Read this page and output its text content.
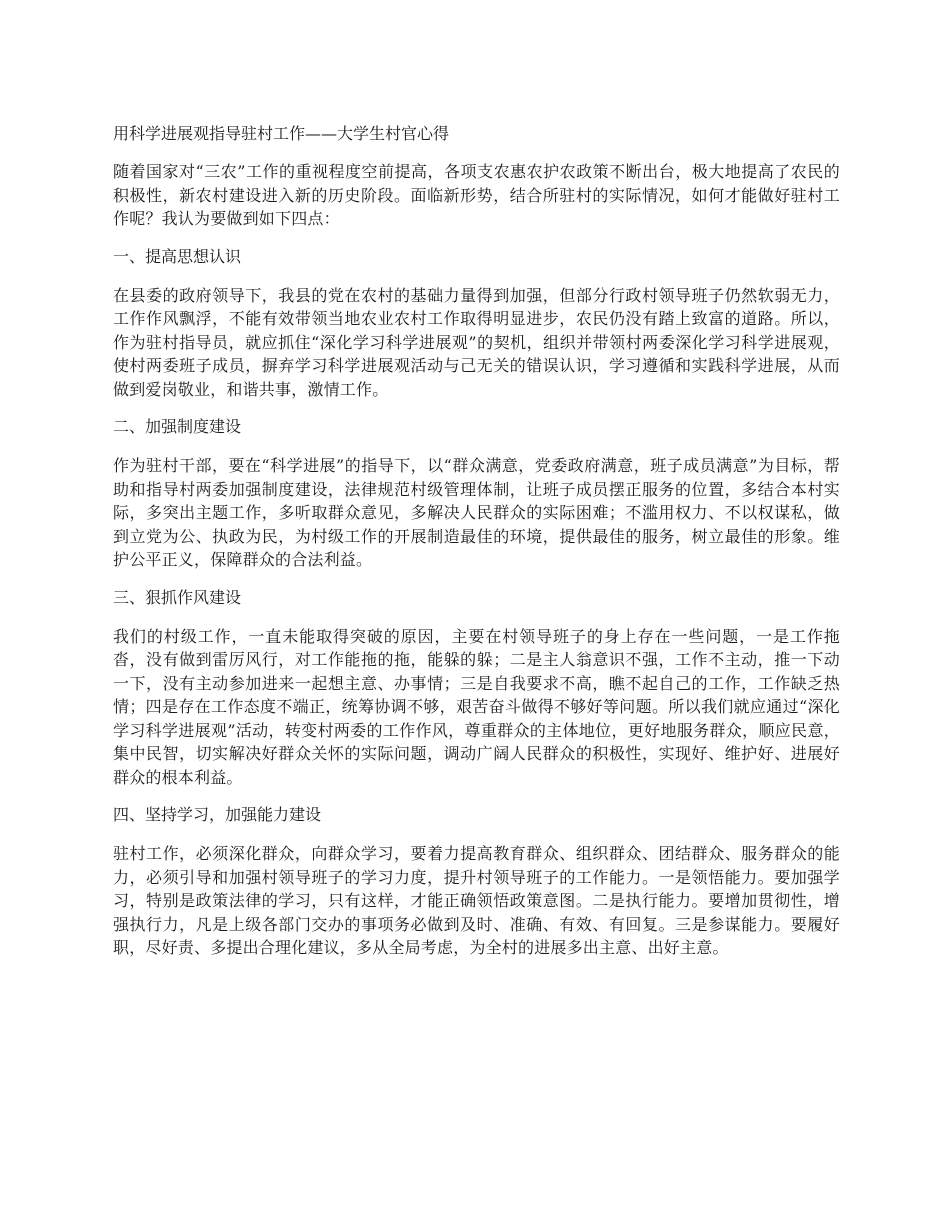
用科学进展观指导驻村工作——大学生村官心得
随着国家对“三农”工作的重视程度空前提高，各项支农惠农护农政策不断出台，极大地提高了农民的积极性，新农村建设进入新的历史阶段。面临新形势，结合所驻村的实际情况，如何才能做好驻村工作呢？我认为要做到如下四点：
一、提高思想认识
在县委的政府领导下，我县的党在农村的基础力量得到加强，但部分行政村领导班子仍然软弱无力，工作作风飘浮，不能有效带领当地农业农村工作取得明显进步，农民仍没有踏上致富的道路。所以，作为驻村指导员，就应抓住“深化学习科学进展观”的契机，组织并带领村两委深化学习科学进展观，使村两委班子成员，摒弃学习科学进展观活动与己无关的错误认识，学习遵循和实践科学进展，从而做到爱岗敬业，和谐共事，激情工作。
二、加强制度建设
作为驻村干部，要在“科学进展”的指导下，以“群众满意，党委政府满意，班子成员满意”为目标，帮助和指导村两委加强制度建设，法律规范村级管理体制，让班子成员摆正服务的位置，多结合本村实际，多突出主题工作，多听取群众意见，多解决人民群众的实际困难；不滥用权力、不以权谋私，做到立党为公、执政为民，为村级工作的开展制造最佳的环境，提供最佳的服务，树立最佳的形象。维护公平正义，保障群众的合法利益。
三、狠抓作风建设
我们的村级工作，一直未能取得突破的原因，主要在村领导班子的身上存在一些问题，一是工作拖沓，没有做到雷厉风行，对工作能拖的拖，能躲的躲；二是主人翁意识不强，工作不主动，推一下动一下，没有主动参加进来一起想主意、办事情；三是自我要求不高，瞧不起自己的工作，工作缺乏热情；四是存在工作态度不端正，统筹协调不够，艰苦奋斗做得不够好等问题。所以我们就应通过“深化学习科学进展观”活动，转变村两委的工作作风，尊重群众的主体地位，更好地服务群众，顺应民意，集中民智，切实解决好群众关怀的实际问题，调动广阔人民群众的积极性，实现好、维护好、进展好群众的根本利益。
四、坚持学习，加强能力建设
驻村工作，必须深化群众，向群众学习，要着力提高教育群众、组织群众、团结群众、服务群众的能力，必须引导和加强村领导班子的学习力度，提升村领导班子的工作能力。一是领悟能力。要加强学习，特别是政策法律的学习，只有这样，才能正确领悟政策意图。二是执行能力。要增加贯彻性，增强执行力，凡是上级各部门交办的事项务必做到及时、准确、有效、有回复。三是参谋能力。要履好职，尽好责、多提出合理化建议，多从全局考虑，为全村的进展多出主意、出好主意。
